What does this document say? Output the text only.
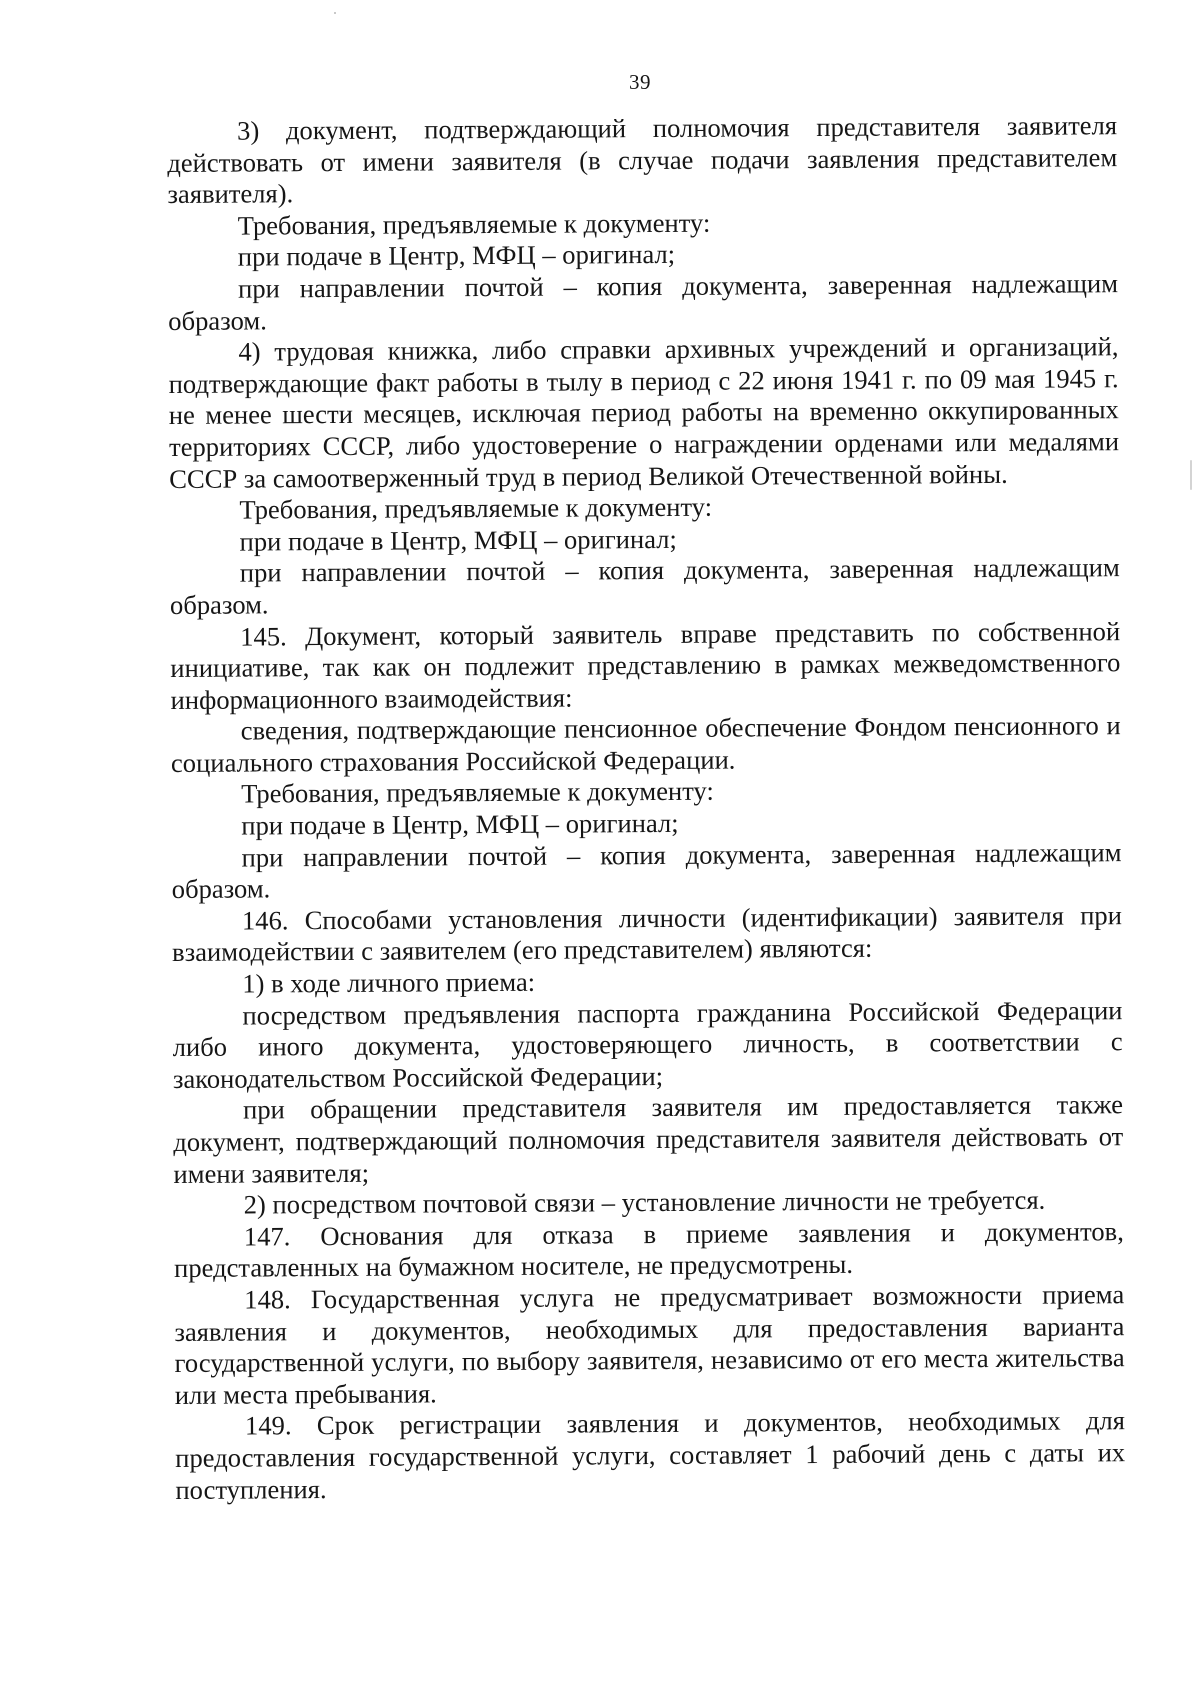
39

3) документ, подтверждающий полномочия представителя заявителя действовать от имени заявителя (в случае подачи заявления представителем заявителя).

Требования, предъявляемые к документу:

при подаче в Центр, МФЦ – оригинал;

при направлении почтой – копия документа, заверенная надлежащим образом.

4) трудовая книжка, либо справки архивных учреждений и организаций, подтверждающие факт работы в тылу в период с 22 июня 1941 г. по 09 мая 1945 г. не менее шести месяцев, исключая период работы на временно оккупированных территориях СССР, либо удостоверение о награждении орденами или медалями СССР за самоотверженный труд в период Великой Отечественной войны.

Требования, предъявляемые к документу:

при подаче в Центр, МФЦ – оригинал;

при направлении почтой – копия документа, заверенная надлежащим образом.

145. Документ, который заявитель вправе представить по собственной инициативе, так как он подлежит представлению в рамках межведомственного информационного взаимодействия:

сведения, подтверждающие пенсионное обеспечение Фондом пенсионного и социального страхования Российской Федерации.

Требования, предъявляемые к документу:

при подаче в Центр, МФЦ – оригинал;

при направлении почтой – копия документа, заверенная надлежащим образом.

146. Способами установления личности (идентификации) заявителя при взаимодействии с заявителем (его представителем) являются:

1) в ходе личного приема:

посредством предъявления паспорта гражданина Российской Федерации либо иного документа, удостоверяющего личность, в соответствии с законодательством Российской Федерации;

при обращении представителя заявителя им предоставляется также документ, подтверждающий полномочия представителя заявителя действовать от имени заявителя;

2) посредством почтовой связи – установление личности не требуется.

147. Основания для отказа в приеме заявления и документов, представленных на бумажном носителе, не предусмотрены.

148. Государственная услуга не предусматривает возможности приема заявления и документов, необходимых для предоставления варианта государственной услуги, по выбору заявителя, независимо от его места жительства или места пребывания.

149. Срок регистрации заявления и документов, необходимых для предоставления государственной услуги, составляет 1 рабочий день с даты их поступления.
